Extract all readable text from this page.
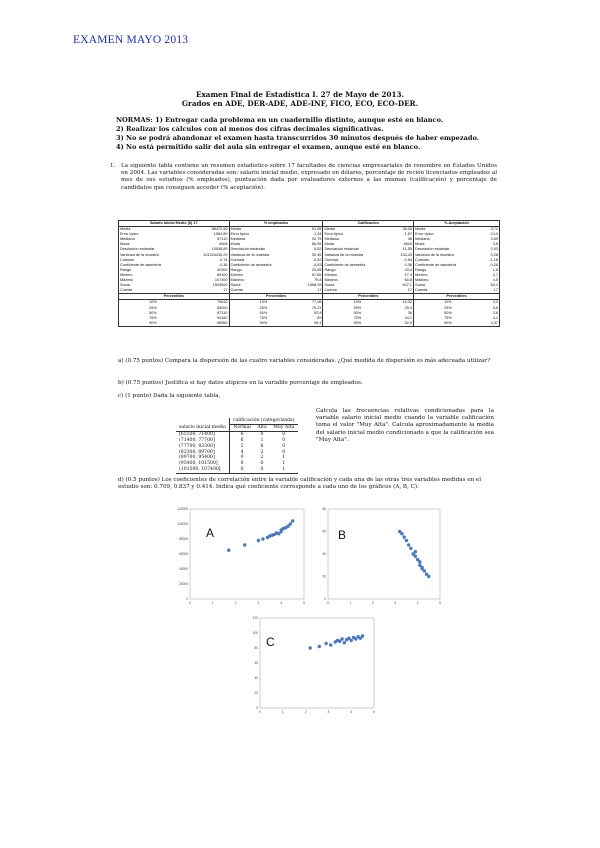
EXAMEN MAYO 2013
Examen Final de Estadística I. 27 de Mayo de 2013.
Grados en ADE, DER-ADE, ADE-INF, FICO, ECO, ECO-DER.
NORMAS: 1) Entregar cada problema en un cuadernillo distinto, aunque esté en blanco.
2) Realizar los cálculos con al menos dos cifras decimales significativas.
3) No se podrá abandonar el examen hasta transcurridos 30 minutos después de haber empezado.
4) No está permitido salir del aula sin entregar el examen, aunque esté en blanco.
1.	La siguiente tabla contiene un resumen estadístico sobre 17 facultades de ciencias empresariales de renombre en Estados Unidos en 2004. Las variables consideradas son: salario inicial medio, expresado en dólares, porcentaje de recién licenciados empleados al mes de sus estudios (% empleados), puntuación dada por evaluadores externos a las mismas (calificación) y porcentaje de candidatos que consiguen acceder (% aceptación).
Salario Inicial Medio ($) 17		% empleados		Calificación		% Aceptación	
Media	88470,59	Media	91,65	Media	38,06	Media	3,71
Error típico	1564,89	Error típico	1,34	Error típico	1,87	Error típico	0,13
Mediana	87110	Mediana	92,79	Mediana	36	Mediana	3,69
Moda	#N/A	Moda	86,59	Moda	#N/A	Moda	3,5
Desviación estándar	10058,89	Desviación estándar	5,52	Desviación estándar	11,55	Desviación estándar	0,53
Varianza de la muestra	101204435,29	Varianza de la muestra	30,45	Varianza de la muestra	133,43	Varianza de la muestra	0,28
Curtosis	-0,74	Curtosis	-0,52	Curtosis	-0,64	Curtosis	-1,18
Coeficiente de asimetría	-0,36	Coeficiente de asimetría	-0,53	Coeficiente de asimetría	0,36	Coeficiente de asimetría	-0,26
Rango	40300	Rango	20,55	Rango	43,4	Rango	1,8
Mínimo	65100	Mínimo	67,65	Mínimo	17,4	Mínimo	2,7
Máximo	107400	Máximo	79,8	Máximo	60,8	Máximo	4,5
Suma	1504000	Suma	1558,05	Suma	647,1	Suma	63,1
Cuenta	17	Cuenta	17	Cuenta	17	Cuenta	17
Percentiles		Percentiles		Percentiles		Percentiles	
10%	75615	10%	77,06	10%	19,32	10%	3,2
25%	83000	25%	79,21	25%	29,4	25%	3,6
50%	87110	50%	92,8	50%	36	50%	3,8
75%	94150	75%	89	75%	44,1	75%	4,1
90%	98550	90%	95,4	90%	52,9	90%	4,37
a) (0.75 puntos) Compara la dispersión de las cuatro variables consideradas. ¿Qué medida de dispersión es más adecuada utilizar?
b) (0.75 puntos) Justifica si hay datos atípicos en la variable porcentaje de empleados.
c) (1 punto) Dada la siguiente tabla,
	calificación (categorizada)		
salario inicial medio	Normal	Alta	Muy Alta
[65100, 71400]	6	0	0
(71400, 77700]	6	1	0
(77700, 83300]	2	8	0
(83300, 89700]	4	2	0
(89700, 95400]	0	2	1
(95400, 101500]	0	0	1
(101500, 107400]	0	0	1
Calcula las frecuencias relativas condicionadas para la variable salario inicial medio cuando la variable calificación toma el valor "Muy Alta". Calcula aproximadamente la media del salario inicial medio condicionado a que la calificación sea "Muy Alta".
d) (0.5 puntos) Los coeficientes de correlación entre la variable calificación y cada una de las otras tres variables medidas en el estudio son: 0.709, 0.837 y 0.414. Indica qué coeficiente corresponde a cada uno de los gráficos (A, B, C).
0
20000
40000
60000
80000
100000
120000
0	1	2	3	4	5
A
0
20
40
60
80
0	1	2	3	4	5
B
0
20
40
60
80
100
120
0	1	2	3	4	5
C
